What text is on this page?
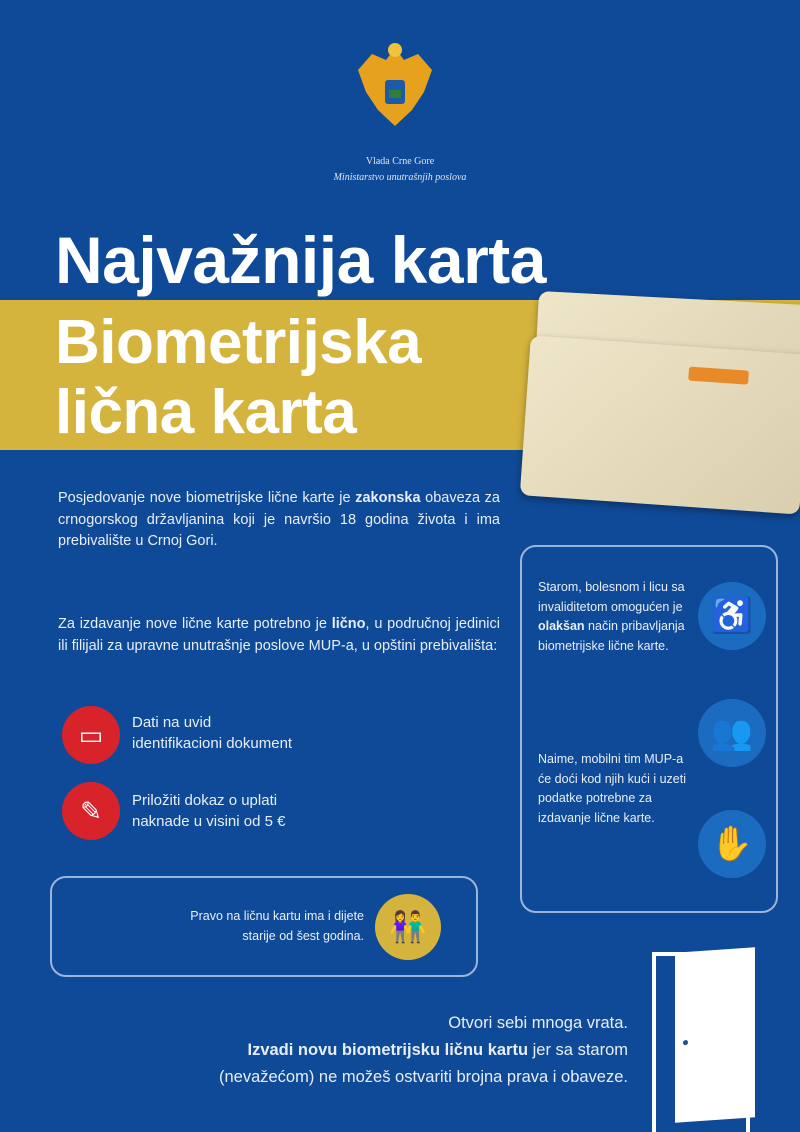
Vlada Crne Gore
Ministarstvo unutrašnjih poslova
Najvažnija karta
Biometrijska
lična karta
Posjedovanje nove biometrijske lične karte je zakonska obaveza za crnogorskog državljanina koji je navršio 18 godina života i ima prebivalište u Crnoj Gori.
Za izdavanje nove lične karte potrebno je lično, u područnoj jedinici ili filijali za upravne unutrašnje poslove MUP-a, u opštini prebivališta:
▭	Dati na uvid
identifikacioni dokument
✎	Priložiti dokaz o uplati
naknade u visini od 5 €
Pravo na ličnu kartu ima i dijete
starije od šest godina. 👫
Starom, bolesnom i licu sa invaliditetom omogućen je olakšan način pribavljanja biometrijske lične karte.
Naime, mobilni tim MUP-a će doći kod njih kući i uzeti podatke potrebne za izdavanje lične karte.
♿
👥
✋
Otvori sebi mnoga vrata.
Izvadi novu biometrijsku ličnu kartu jer sa starom
(nevažećom) ne možeš ostvariti brojna prava i obaveze.
